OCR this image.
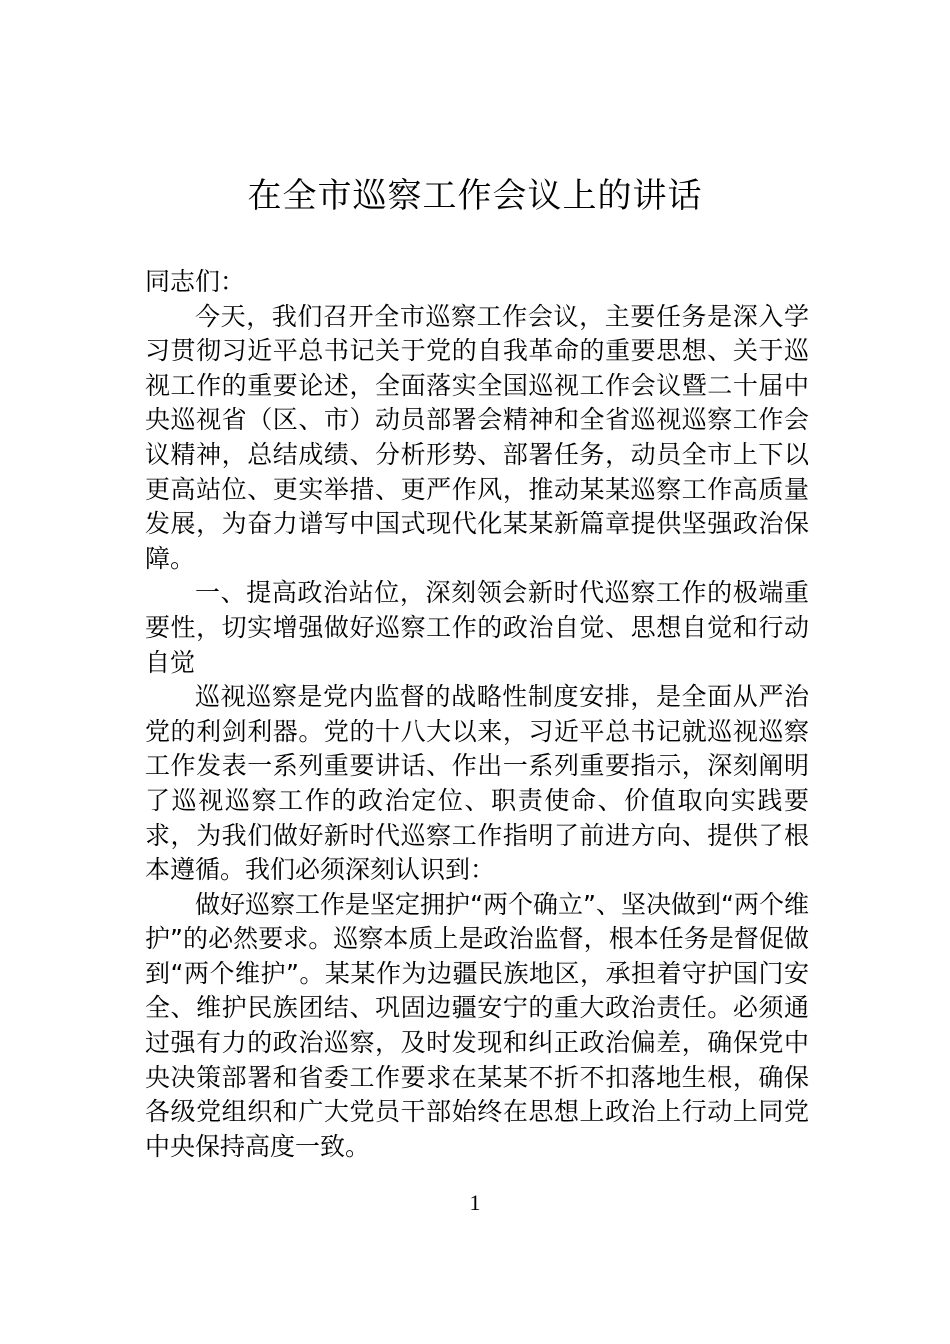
在全市巡察工作会议上的讲话

同志们：

今天，我们召开全市巡察工作会议，主要任务是深入学习贯彻习近平总书记关于党的自我革命的重要思想、关于巡视工作的重要论述，全面落实全国巡视工作会议暨二十届中央巡视省（区、市）动员部署会精神和全省巡视巡察工作会议精神，总结成绩、分析形势、部署任务，动员全市上下以更高站位、更实举措、更严作风，推动某某巡察工作高质量发展，为奋力谱写中国式现代化某某新篇章提供坚强政治保障。

一、提高政治站位，深刻领会新时代巡察工作的极端重要性，切实增强做好巡察工作的政治自觉、思想自觉和行动自觉

巡视巡察是党内监督的战略性制度安排，是全面从严治党的利剑利器。党的十八大以来，习近平总书记就巡视巡察工作发表一系列重要讲话、作出一系列重要指示，深刻阐明了巡视巡察工作的政治定位、职责使命、价值取向实践要求，为我们做好新时代巡察工作指明了前进方向、提供了根本遵循。我们必须深刻认识到：

做好巡察工作是坚定拥护“两个确立”、坚决做到“两个维护”的必然要求。巡察本质上是政治监督，根本任务是督促做到“两个维护”。某某作为边疆民族地区，承担着守护国门安全、维护民族团结、巩固边疆安宁的重大政治责任。必须通过强有力的政治巡察，及时发现和纠正政治偏差，确保党中央决策部署和省委工作要求在某某不折不扣落地生根，确保各级党组织和广大党员干部始终在思想上政治上行动上同党中央保持高度一致。

1
